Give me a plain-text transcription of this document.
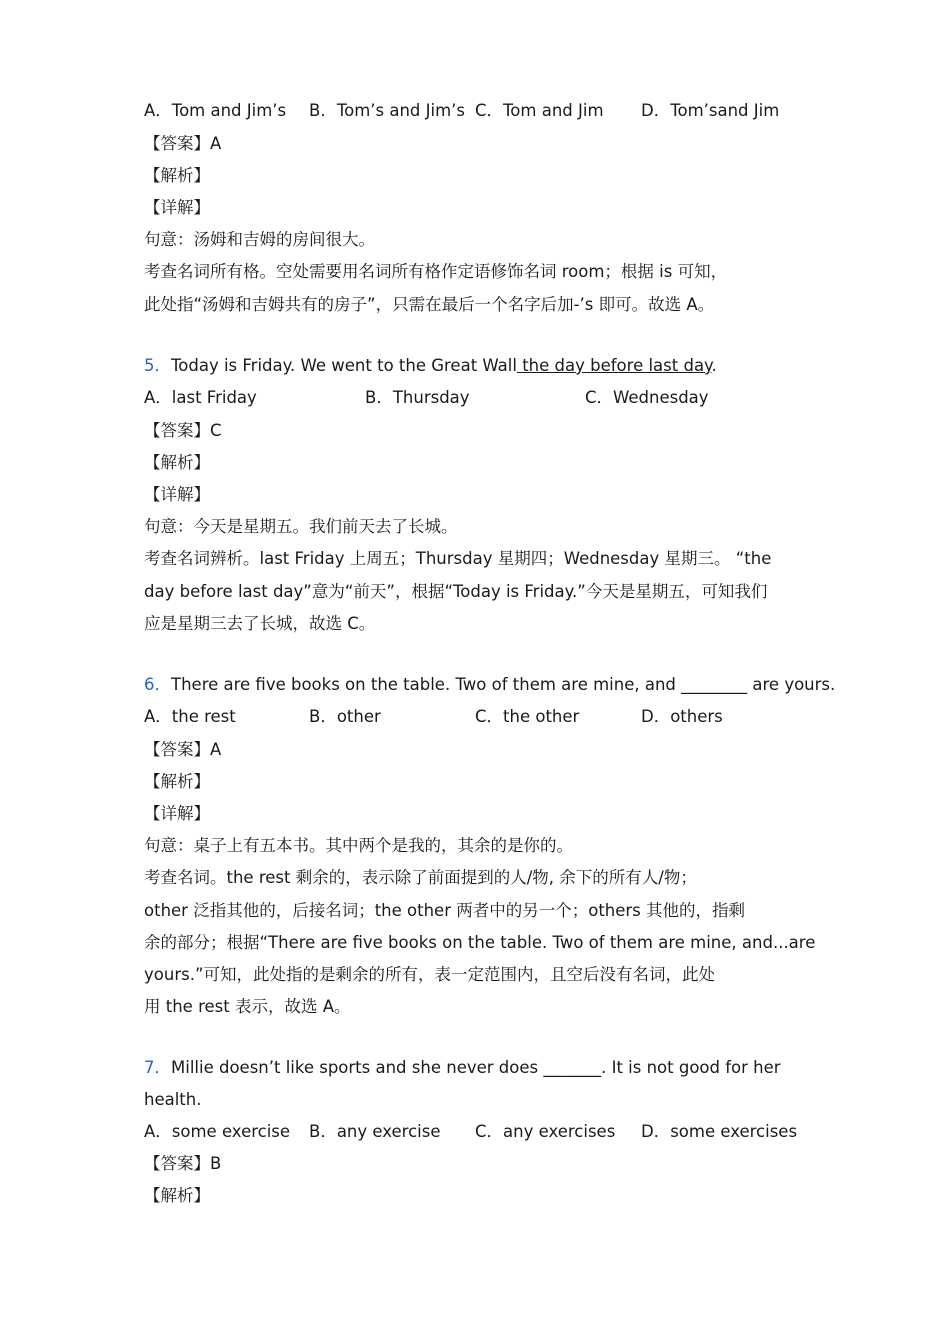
A．Tom and Jim’s B．Tom’s and Jim’s C．Tom and Jim D．Tom’sand Jim
【答案】A
【解析】
【详解】
句意：汤姆和吉姆的房间很大。
考查名词所有格。空处需要用名词所有格作定语修饰名词 room；根据 is 可知，
此处指“汤姆和吉姆共有的房子”，只需在最后一个名字后加-’s 即可。故选 A。
5．Today is Friday. We went to the Great Wall the day before last day.
A．last Friday	B．Thursday	C．Wednesday
【答案】C
【解析】
【详解】
句意：今天是星期五。我们前天去了长城。
考查名词辨析。last Friday 上周五；Thursday 星期四；Wednesday 星期三。 “the
day before last day”意为“前天”，根据“Today is Friday.”今天是星期五，可知我们
应是星期三去了长城，故选 C。
6．There are five books on the table. Two of them are mine, and ________ are yours.
A．the rest	B．other	C．the other	D．others
【答案】A
【解析】
【详解】
句意：桌子上有五本书。其中两个是我的，其余的是你的。
考查名词。the rest 剩余的，表示除了前面提到的人/物, 余下的所有人/物；
other 泛指其他的，后接名词；the other 两者中的另一个；others 其他的，指剩
余的部分；根据“There are five books on the table. Two of them are mine, and...are
yours.”可知，此处指的是剩余的所有，表一定范围内，且空后没有名词，此处
用 the rest 表示，故选 A。
7．Millie doesn’t like sports and she never does _______. It is not good for her
health.
A．some exercise B．any exercise C．any exercises D．some exercises
【答案】B
【解析】
